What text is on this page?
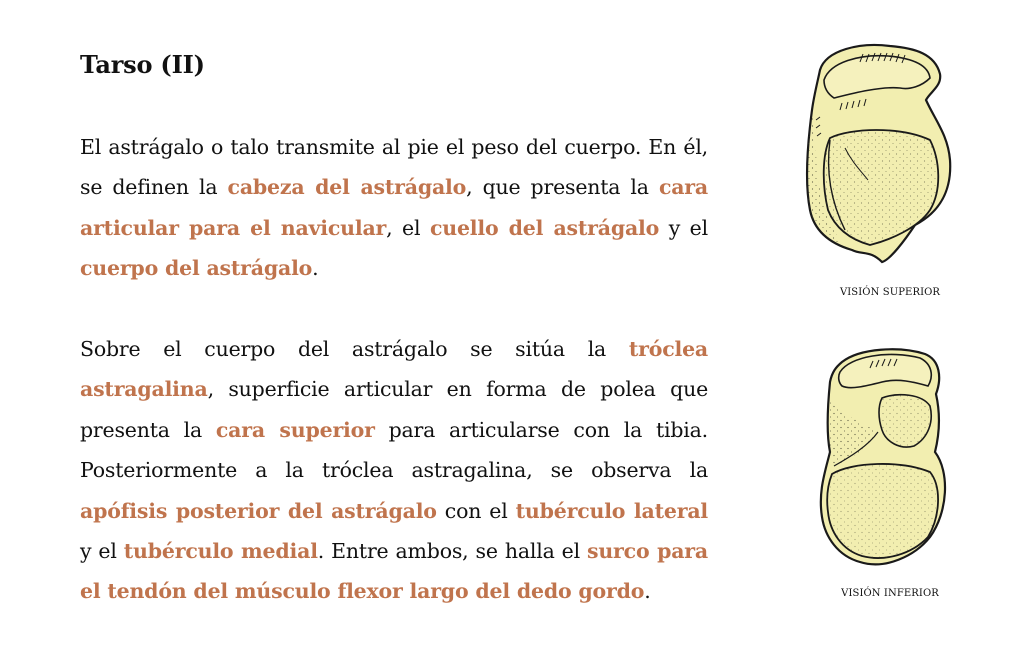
Tarso (II)

El astrágalo o talo transmite al pie el peso del cuerpo. En él, se definen la cabeza del astrágalo, que presenta la cara articular para el navicular, el cuello del astrágalo y el cuerpo del astrágalo.

Sobre el cuerpo del astrágalo se sitúa la tróclea astragalina, superficie articular en forma de polea que presenta la cara superior para articularse con la tibia. Posteriormente a la tróclea astragalina, se observa la apófisis posterior del astrágalo con el tubérculo lateral y el tubérculo medial. Entre ambos, se halla el surco para el tendón del músculo flexor largo del dedo gordo.

VISIÓN SUPERIOR
VISIÓN INFERIOR
